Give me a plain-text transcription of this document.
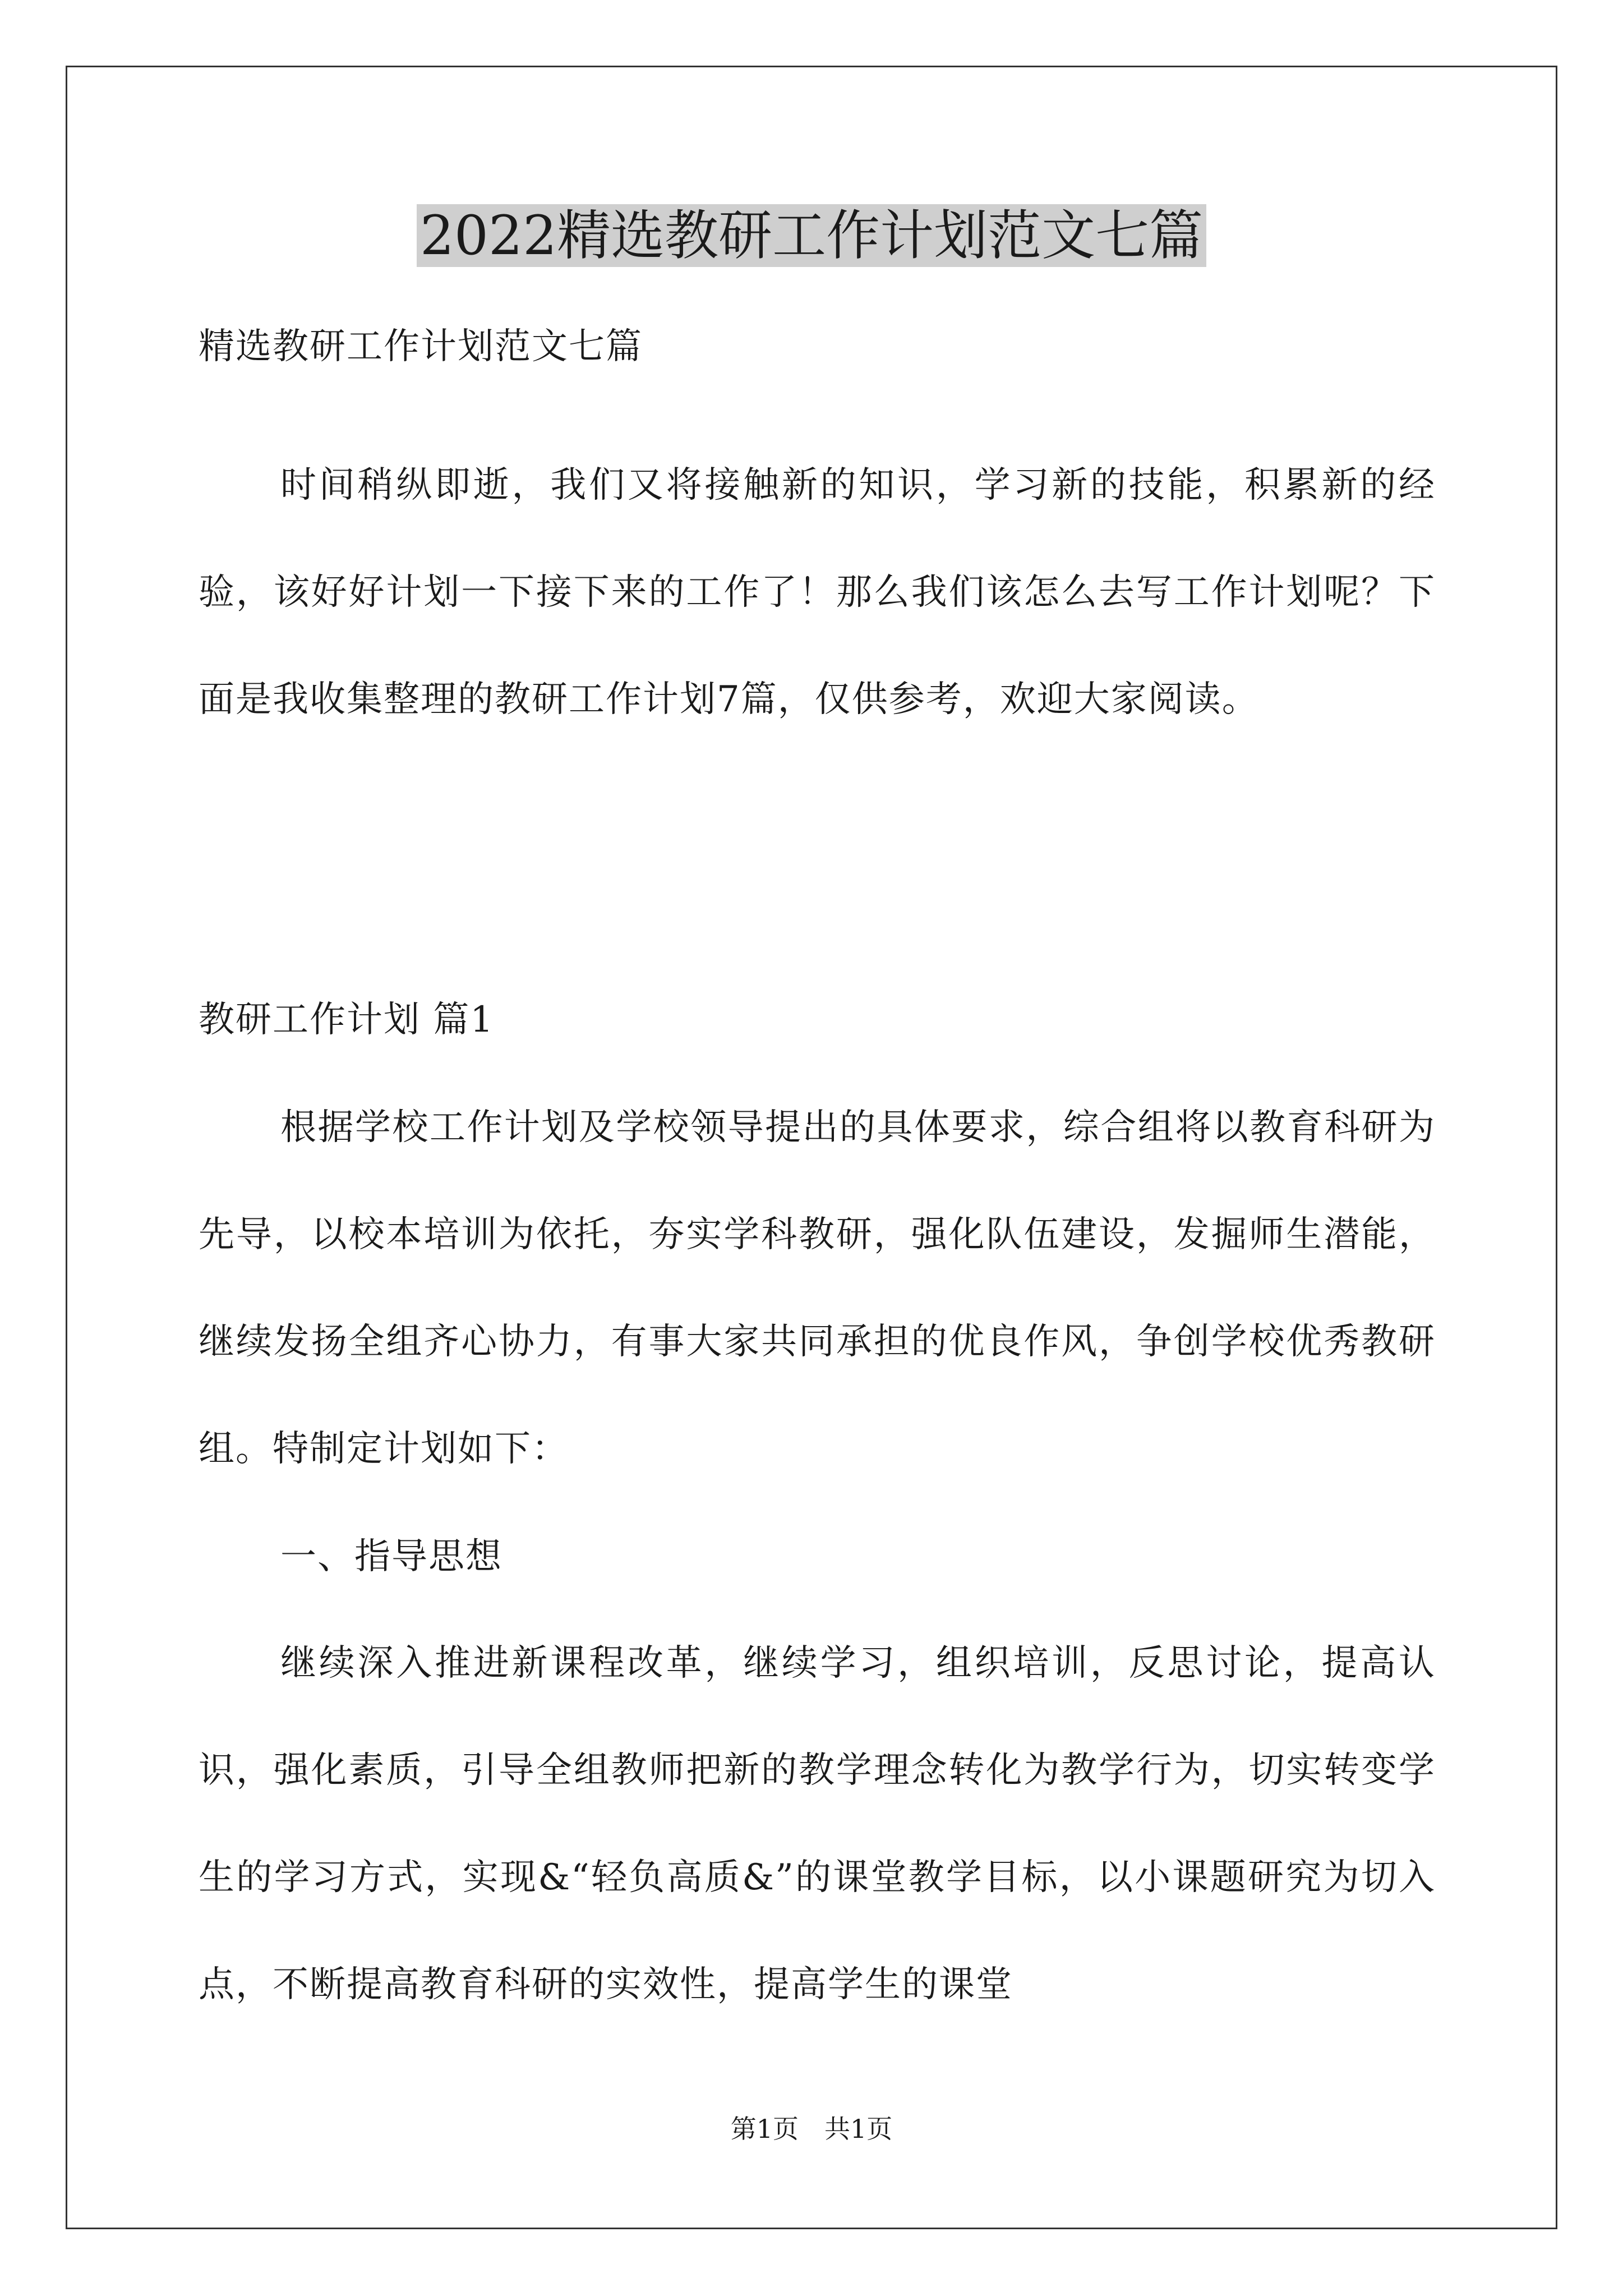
2022精选教研工作计划范文七篇
精选教研工作计划范文七篇
时间稍纵即逝，我们又将接触新的知识，学习新的技能，积累新的经验，该好好计划一下接下来的工作了！那么我们该怎么去写工作计划呢？下面是我收集整理的教研工作计划7篇，仅供参考，欢迎大家阅读。
教研工作计划 篇1
根据学校工作计划及学校领导提出的具体要求，综合组将以教育科研为先导，以校本培训为依托，夯实学科教研，强化队伍建设，发掘师生潜能，继续发扬全组齐心协力，有事大家共同承担的优良作风，争创学校优秀教研组。特制定计划如下：
一、指导思想
继续深入推进新课程改革，继续学习，组织培训，反思讨论，提高认识，强化素质，引导全组教师把新的教学理念转化为教学行为，切实转变学生的学习方式，实现&“轻负高质&”的课堂教学目标，以小课题研究为切入点，不断提高教育科研的实效性，提高学生的课堂
第1页　共1页
